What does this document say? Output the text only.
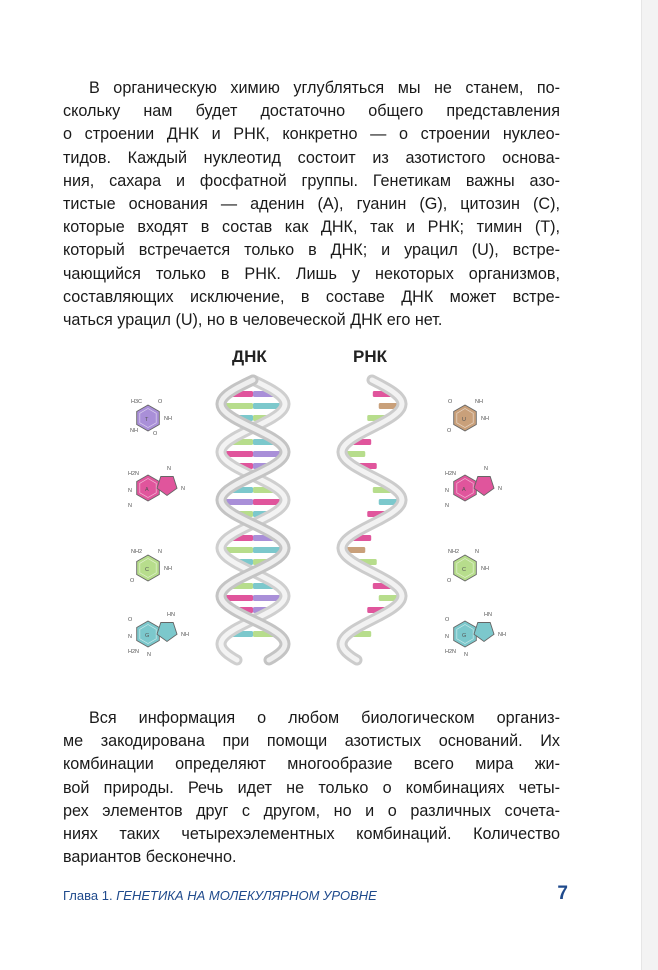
В органическую химию углубляться мы не станем, по-
скольку нам будет достаточно общего представления
о строении ДНК и РНК, конкретно — о строении нуклео-
тидов. Каждый нуклеотид состоит из азотистого основа-
ния, сахара и фосфатной группы. Генетикам важны азо-
тистые основания — аденин (A), гуанин (G), цитозин (C),
которые входят в состав как ДНК, так и РНК; тимин (T),
который встречается только в ДНК; и урацил (U), встре-
чающийся только в РНК. Лишь у некоторых организмов,
составляющих исключение, в составе ДНК может встре-
чаться урацил (U), но в человеческой ДНК его нет.
ДНК	РНК
H3C	O
NH
NH	O
T
H2N
N
N	N
N
A
NH2	N
NH
O
C
O
HN
N	NH
H2N N
G
O	NH
NH
O
U
H2N
N
N	N
N
A
NH2	N
NH
O
C
O
HN
N	NH
H2N N
G
Вся информация о любом биологическом организ-
ме закодирована при помощи азотистых оснований. Их
комбинации определяют многообразие всего мира жи-
вой природы. Речь идет не только о комбинациях четы-
рех элементов друг с другом, но и о различных сочета-
ниях таких четырехэлементных комбинаций. Количество
вариантов бесконечно.
Глава 1. ГЕНЕТИКА НА МОЛЕКУЛЯРНОМ УРОВНЕ	7
